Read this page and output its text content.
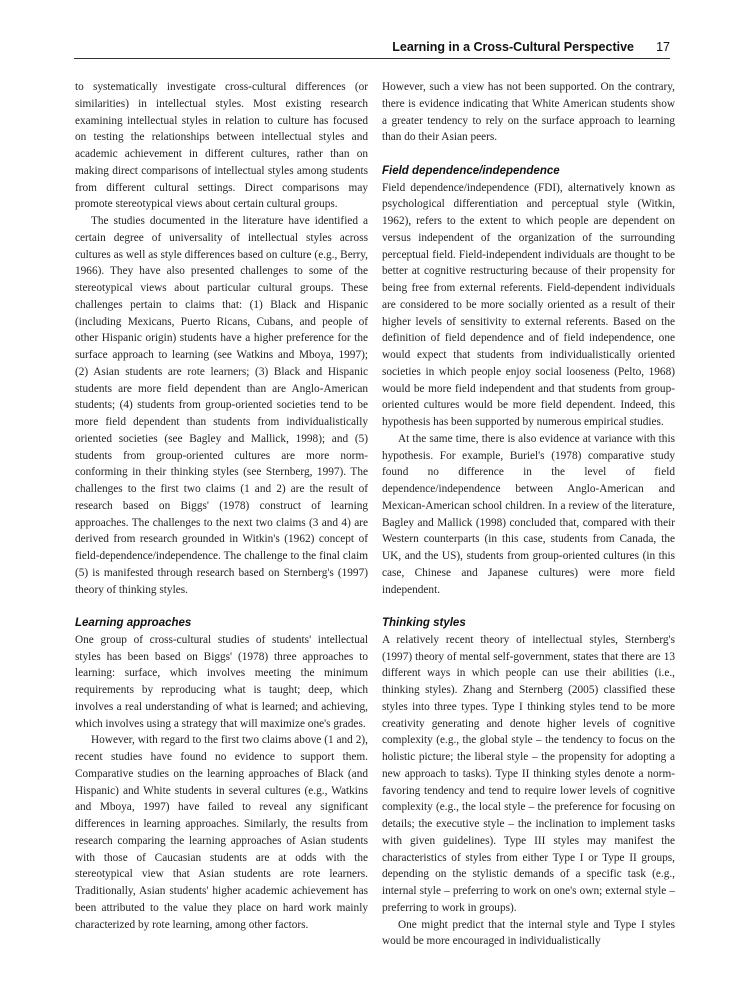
Learning in a Cross-Cultural Perspective 17

to systematically investigate cross-cultural differences (or similarities) in intellectual styles. Most existing research examining intellectual styles in relation to culture has focused on testing the relationships between intellectual styles and academic achievement in different cultures, rather than on making direct comparisons of intellectual styles among students from different cultural settings. Direct comparisons may promote stereotypical views about certain cultural groups.

The studies documented in the literature have identified a certain degree of universality of intellectual styles across cultures as well as style differences based on culture (e.g., Berry, 1966). They have also presented challenges to some of the stereotypical views about particular cultural groups. These challenges pertain to claims that: (1) Black and Hispanic (including Mexicans, Puerto Ricans, Cubans, and people of other Hispanic origin) students have a higher preference for the surface approach to learning (see Watkins and Mboya, 1997); (2) Asian students are rote learners; (3) Black and Hispanic students are more field dependent than are Anglo-American students; (4) students from group-oriented societies tend to be more field dependent than students from individualistically oriented societies (see Bagley and Mallick, 1998); and (5) students from group-oriented cultures are more norm-conforming in their thinking styles (see Sternberg, 1997). The challenges to the first two claims (1 and 2) are the result of research based on Biggs' (1978) construct of learning approaches. The challenges to the next two claims (3 and 4) are derived from research grounded in Witkin's (1962) concept of field-dependence/independence. The challenge to the final claim (5) is manifested through research based on Sternberg's (1997) theory of thinking styles.

Learning approaches

One group of cross-cultural studies of students' intellectual styles has been based on Biggs' (1978) three approaches to learning: surface, which involves meeting the minimum requirements by reproducing what is taught; deep, which involves a real understanding of what is learned; and achieving, which involves using a strategy that will maximize one's grades.

However, with regard to the first two claims above (1 and 2), recent studies have found no evidence to support them. Comparative studies on the learning approaches of Black (and Hispanic) and White students in several cultures (e.g., Watkins and Mboya, 1997) have failed to reveal any significant differences in learning approaches. Similarly, the results from research comparing the learning approaches of Asian students with those of Caucasian students are at odds with the stereotypical view that Asian students are rote learners. Traditionally, Asian students' higher academic achievement has been attributed to the value they place on hard work mainly characterized by rote learning, among other factors.

However, such a view has not been supported. On the contrary, there is evidence indicating that White American students show a greater tendency to rely on the surface approach to learning than do their Asian peers.

Field dependence/independence

Field dependence/independence (FDI), alternatively known as psychological differentiation and perceptual style (Witkin, 1962), refers to the extent to which people are dependent on versus independent of the organization of the surrounding perceptual field. Field-independent individuals are thought to be better at cognitive restructuring because of their propensity for being free from external referents. Field-dependent individuals are considered to be more socially oriented as a result of their higher levels of sensitivity to external referents. Based on the definition of field dependence and of field independence, one would expect that students from individualistically oriented societies in which people enjoy social looseness (Pelto, 1968) would be more field independent and that students from group-oriented cultures would be more field dependent. Indeed, this hypothesis has been supported by numerous empirical studies.

At the same time, there is also evidence at variance with this hypothesis. For example, Buriel's (1978) comparative study found no difference in the level of field dependence/independence between Anglo-American and Mexican-American school children. In a review of the literature, Bagley and Mallick (1998) concluded that, compared with their Western counterparts (in this case, students from Canada, the UK, and the US), students from group-oriented cultures (in this case, Chinese and Japanese cultures) were more field independent.

Thinking styles

A relatively recent theory of intellectual styles, Sternberg's (1997) theory of mental self-government, states that there are 13 different ways in which people can use their abilities (i.e., thinking styles). Zhang and Sternberg (2005) classified these styles into three types. Type I thinking styles tend to be more creativity generating and denote higher levels of cognitive complexity (e.g., the global style – the tendency to focus on the holistic picture; the liberal style – the propensity for adopting a new approach to tasks). Type II thinking styles denote a norm-favoring tendency and tend to require lower levels of cognitive complexity (e.g., the local style – the preference for focusing on details; the executive style – the inclination to implement tasks with given guidelines). Type III styles may manifest the characteristics of styles from either Type I or Type II groups, depending on the stylistic demands of a specific task (e.g., internal style – preferring to work on one's own; external style – preferring to work in groups).

One might predict that the internal style and Type I styles would be more encouraged in individualistically
